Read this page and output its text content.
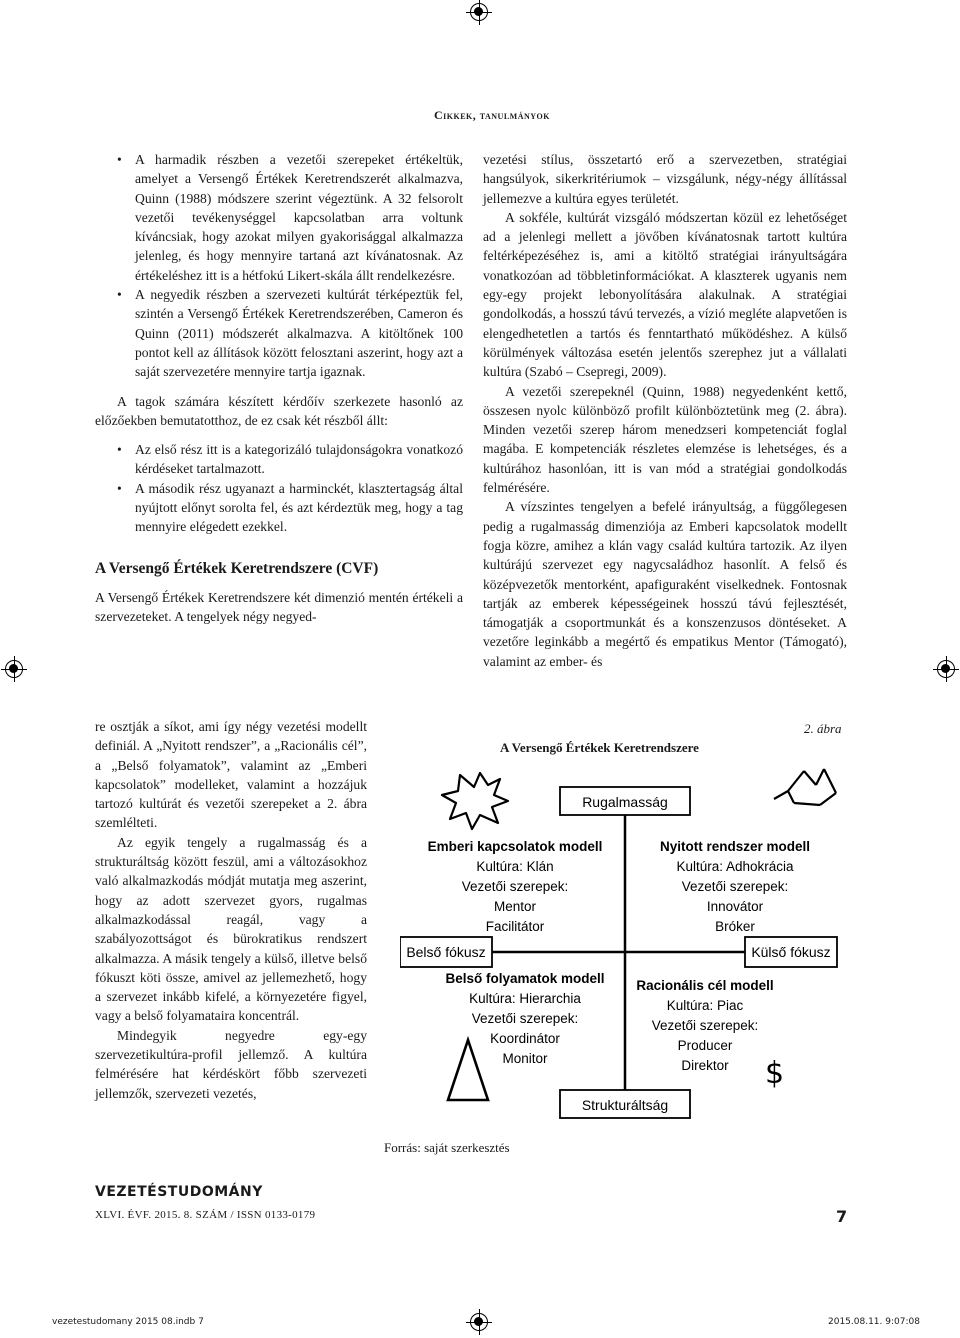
Cikkek, tanulmányok
• A harmadik részben a vezetői szerepeket értékeltük, amelyet a Versengő Értékek Keretrendszerét alkalmazva, Quinn (1988) módszere szerint végeztünk. A 32 felsorolt vezetői tevékenységgel kapcsolatban arra voltunk kíváncsiak, hogy azokat milyen gyakorisággal alkalmazza jelenleg, és hogy mennyire tartaná azt kívánatosnak. Az értékeléshez itt is a hétfokú Likert-skála állt rendelkezésre.
• A negyedik részben a szervezeti kultúrát térképeztük fel, szintén a Versengő Értékek Keretrendszerében, Cameron és Quinn (2011) módszerét alkalmazva. A kitöltőnek 100 pontot kell az állítások között felosztani aszerint, hogy azt a saját szervezetére mennyire tartja igaznak.

A tagok számára készített kérdőív szerkezete hasonló az előzőekben bemutatotthoz, de ez csak két részből állt:

• Az első rész itt is a kategorizáló tulajdonságokra vonatkozó kérdéseket tartalmazott.
• A második rész ugyanazt a harminckét, klasztertagság által nyújtott előnyt sorolta fel, és azt kérdeztük meg, hogy a tag mennyire elégedett ezekkel.
A Versengő Értékek Keretrendszere (CVF)

A Versengő Értékek Keretrendszere két dimenzió mentén értékeli a szervezeteket. A tengelyek négy negyed-

re osztják a síkot, ami így négy vezetési modellt definiál. A „Nyitott rendszer”, a „Racionális cél”, a „Belső folyamatok”, valamint az „Emberi kapcsolatok” modelleket, valamint a hozzájuk tartozó kultúrát és vezetői szerepeket a 2. ábra szemlélteti.

Az egyik tengely a rugalmasság és a strukturáltság között feszül, ami a változásokhoz való alkalmazkodás módját mutatja meg aszerint, hogy az adott szervezet gyors, rugalmas alkalmazkodással reagál, vagy a szabályozottságot és bürokratikus rendszert alkalmazza. A másik tengely a külső, illetve belső fókuszt köti össze, amivel az jellemezhető, hogy a szervezet inkább kifelé, a környezetére figyel, vagy a belső folyamataira koncentrál.

Mindegyik negyedre egy-egy szervezetikultúra-profil jellemző. A kultúra felmérésére hat kérdéskört főbb szervezeti jellemzők, szervezeti vezetés,

vezetési stílus, összetartó erő a szervezetben, stratégiai hangsúlyok, sikerkritériumok – vizsgálunk, négy-négy állítással jellemezve a kultúra egyes területét.

A sokféle, kultúrát vizsgáló módszertan közül ez lehetőséget ad a jelenlegi mellett a jövőben kívánatosnak tartott kultúra feltérképezéséhez is, ami a kitöltő stratégiai irányultságára vonatkozóan ad többletinformációkat. A klaszterek ugyanis nem egy-egy projekt lebonyolítására alakulnak. A stratégiai gondolkodás, a hosszú távú tervezés, a vízió megléte alapvetően is elengedhetetlen a tartós és fenntartható működéshez. A külső körülmények változása esetén jelentős szerephez jut a vállalati kultúra (Szabó – Csepregi, 2009).

A vezetői szerepeknél (Quinn, 1988) negyedenként kettő, összesen nyolc különböző profilt különböztetünk meg (2. ábra). Minden vezetői szerep három menedzseri kompetenciát foglal magába. E kompetenciák részletes elemzése is lehetséges, és a kultúrához hasonlóan, itt is van mód a stratégiai gondolkodás felmérésére.

A vízszintes tengelyen a befelé irányultság, a függőlegesen pedig a rugalmasság dimenziója az Emberi kapcsolatok modellt fogja közre, amihez a klán vagy család kultúra tartozik. Az ilyen kultúrájú szervezet egy nagycsaládhoz hasonlít. A felső és középvezetők mentorként, apafiguraként viselkednek. Fontosnak tartják az emberek képességeinek hosszú távú fejlesztését, támogatják a csoportmunkát és a konszenzusos döntéseket. A vezetőre leginkább a megértő és empatikus Mentor (Támogató), valamint az ember- és

2. ábra
A Versengő Értékek Keretrendszere
Rugalmasság
Strukturáltság
Belső fókusz	Külső fókusz
Emberi kapcsolatok modell
Kultúra: Klán
Vezetői szerepek:
Mentor
Facilitátor
Nyitott rendszer modell
Kultúra: Adhokrácia
Vezetői szerepek:
Innovátor
Bróker
Belső folyamatok modell
Kultúra: Hierarchia
Vezetői szerepek:
Koordinátor
Monitor
Racionális cél modell
Kultúra: Piac
Vezetői szerepek:
Producer
Direktor $
Forrás: saját szerkesztés
VEZETÉSTUDOMÁNY
XLVI. ÉVF. 2015. 8. SZÁM / ISSN 0133-0179	7
vezetestudomany 2015 08.indb 7	2015.08.11. 9:07:08
